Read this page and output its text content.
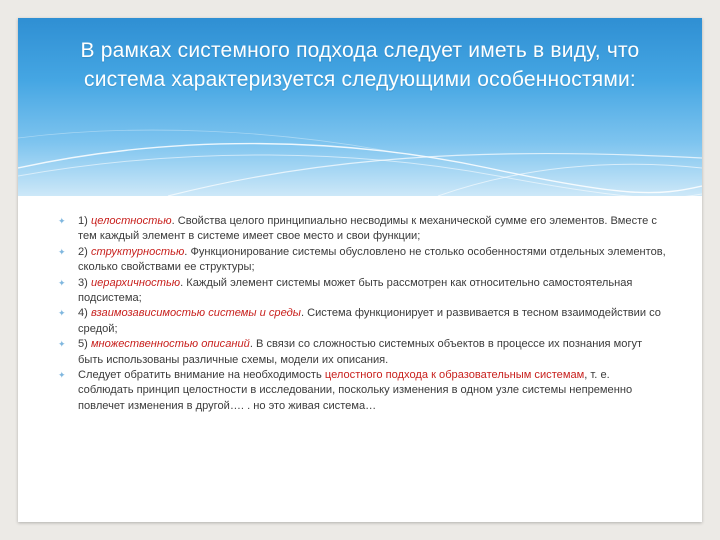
В рамках системного подхода следует иметь в виду, что система характеризуется следующими особенностями:
✦ 1) целостностью. Свойства целого принципиально несводимы к механической сумме его элементов. Вместе с тем каждый элемент в системе имеет свое место и свои функции;
✦ 2) структурностью. Функционирование системы обусловлено не столько особенностями отдельных элементов, сколько свойствами ее структуры;
✦ 3) иерархичностью. Каждый элемент системы может быть рассмотрен как относительно самостоятельная подсистема;
✦ 4) взаимозависимостью системы и среды. Система функционирует и развивается в тесном взаимодействии со средой;
✦ 5) множественностью описаний. В связи со сложностью системных объектов в процессе их познания могут быть использованы различные схемы, модели их описания.
✦ Следует обратить внимание на необходимость целостного подхода к образовательным системам, т. е. соблюдать принцип целостности в исследовании, поскольку изменения в одном узле системы непременно повлечет изменения в другой…. . но это живая система…
